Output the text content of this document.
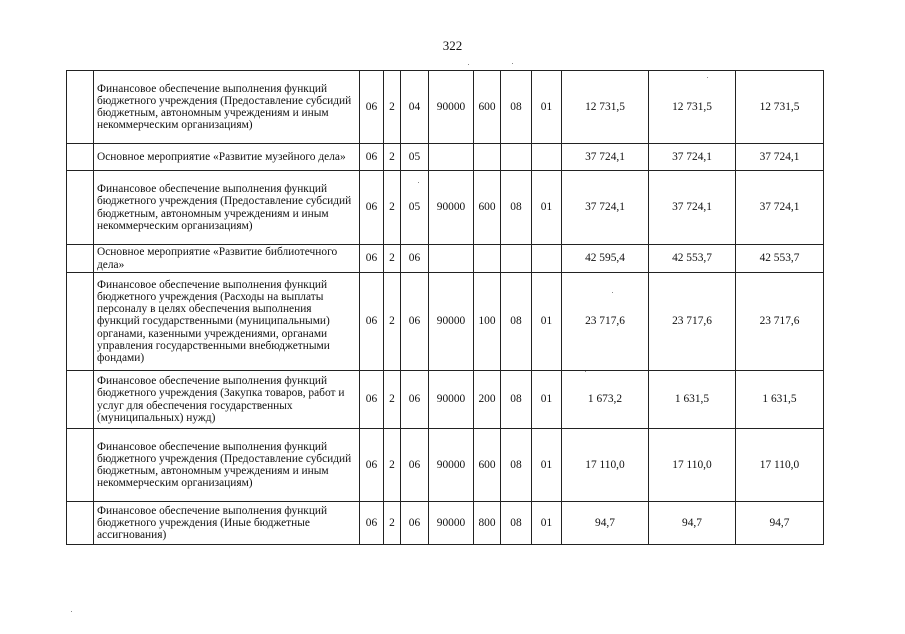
322
	Финансовое обеспечение выполнения функций бюджетного учреждения (Предоставление субсидий бюджетным, автономным учреждениям и иным некоммерческим организациям)	06	2	04	90000	600	08	01	12 731,5	12 731,5	12 731,5
	Основное мероприятие «Развитие музейного дела»	06	2	05					37 724,1	37 724,1	37 724,1
	Финансовое обеспечение выполнения функций бюджетного учреждения (Предоставление субсидий бюджетным, автономным учреждениям и иным некоммерческим организациям)	06	2	05	90000	600	08	01	37 724,1	37 724,1	37 724,1
	Основное мероприятие «Развитие библиотечного дела»	06	2	06					42 595,4	42 553,7	42 553,7
	Финансовое обеспечение выполнения функций бюджетного учреждения (Расходы на выплаты персоналу в целях обеспечения выполнения функций государственными (муниципальными) органами, казенными учреждениями, органами управления государственными внебюджетными фондами)	06	2	06	90000	100	08	01	23 717,6	23 717,6	23 717,6
	Финансовое обеспечение выполнения функций бюджетного учреждения (Закупка товаров, работ и услуг для обеспечения государственных (муниципальных) нужд)	06	2	06	90000	200	08	01	1 673,2	1 631,5	1 631,5
	Финансовое обеспечение выполнения функций бюджетного учреждения (Предоставление субсидий бюджетным, автономным учреждениям и иным некоммерческим организациям)	06	2	06	90000	600	08	01	17 110,0	17 110,0	17 110,0
	Финансовое обеспечение выполнения функций бюджетного учреждения (Иные бюджетные ассигнования)	06	2	06	90000	800	08	01	94,7	94,7	94,7
